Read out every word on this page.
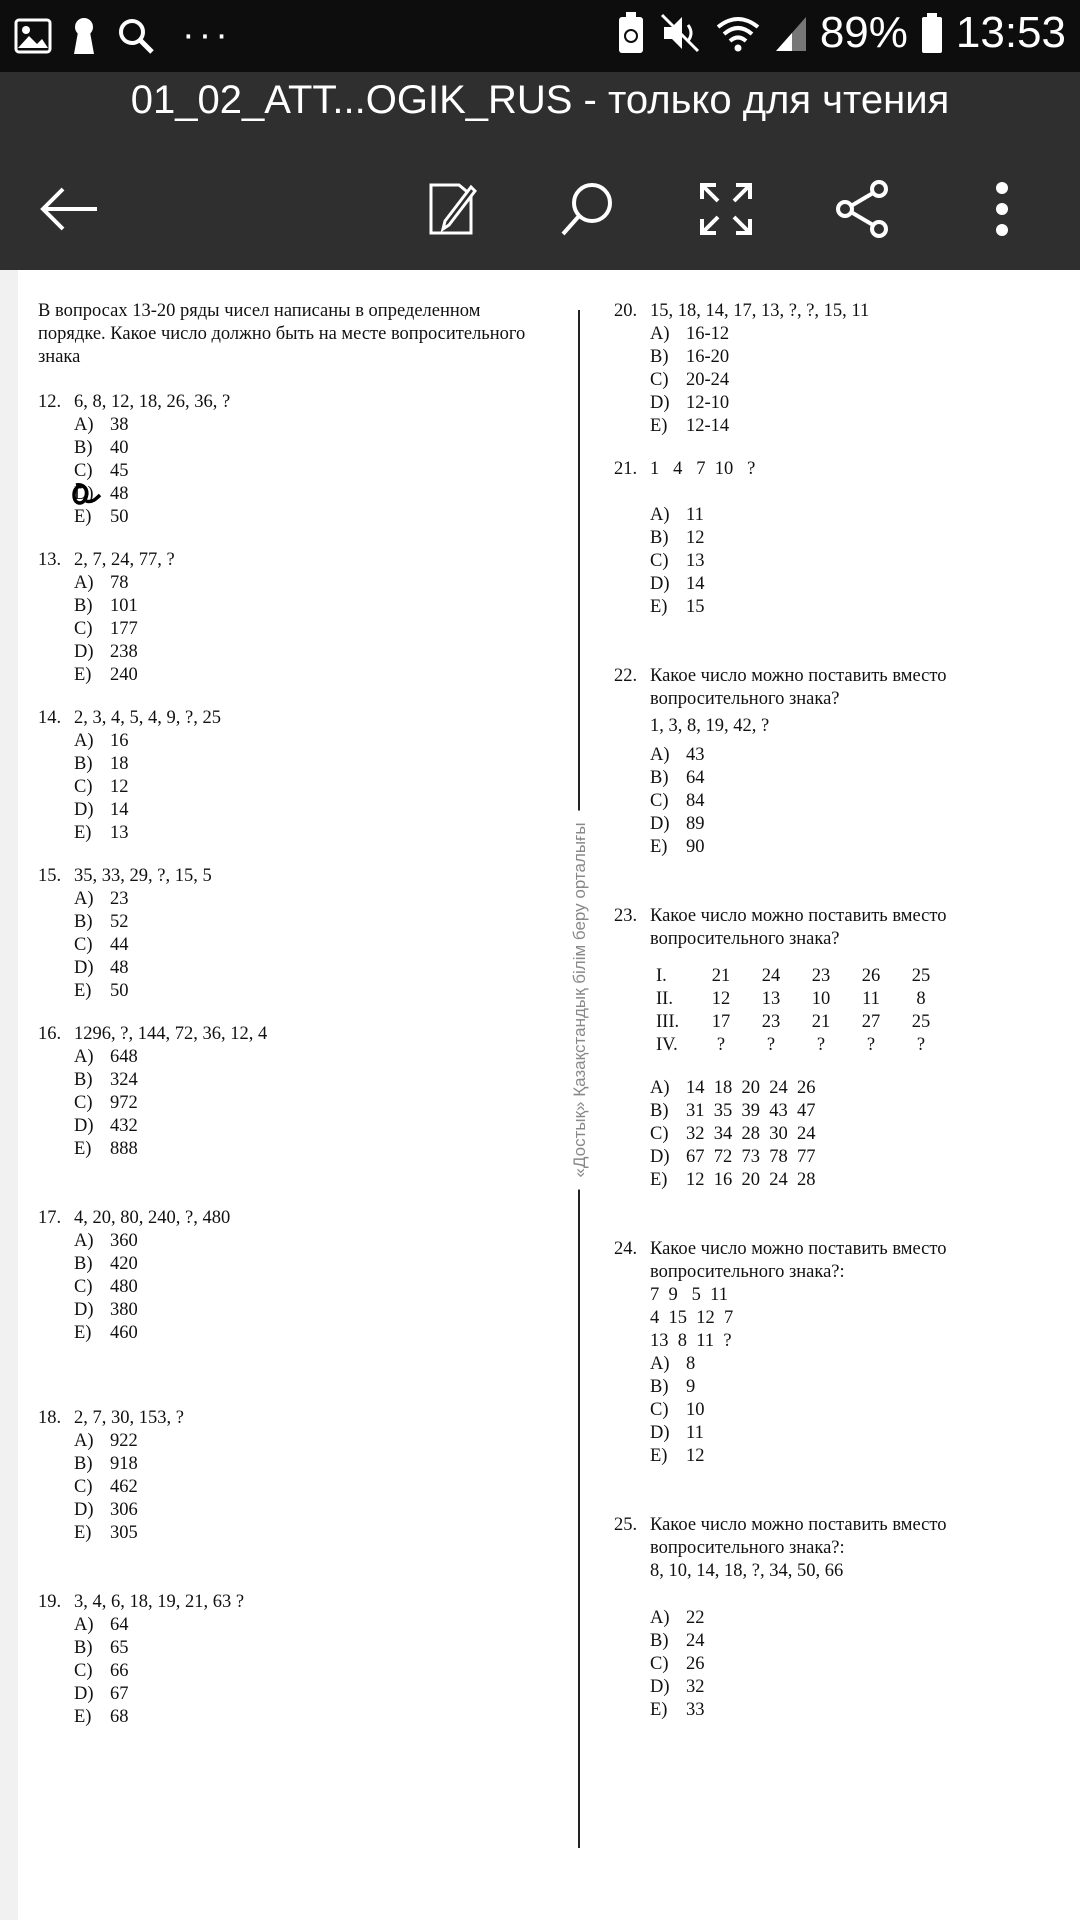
···	89% 13:53
01_02_ATT...OGIK_RUS - только для чтения
«Достық» Қазақстандық білім беру орталығы
В вопросах 13-20 ряды чисел написаны в определенном порядке. Какое число должно быть на месте вопросительного знака
12. 6, 8, 12, 18, 26, 36, ?
A) 38
B) 40
C) 45
D) 48
E)	50
13. 2, 7, 24, 77, ?
A) 78
B) 101
C) 177
D) 238
E)	240
14. 2, 3, 4, 5, 4, 9, ?, 25
A) 16
B) 18
C) 12
D) 14
E)	13
15. 35, 33, 29, ?, 15, 5
A) 23
B) 52
C) 44
D) 48
E)	50
16. 1296, ?, 144, 72, 36, 12, 4
A) 648
B) 324
C) 972
D) 432
E)	888
17. 4, 20, 80, 240, ?, 480
A) 360
B) 420
C) 480
D) 380
E)	460
18. 2, 7, 30, 153, ?
A) 922
B) 918
C) 462
D) 306
E)	305
19. 3, 4, 6, 18, 19, 21, 63 ?
A) 64
B) 65
C) 66
D) 67
E)	68
20. 15, 18, 14, 17, 13, ?, ?, 15, 11
A) 16-12
B) 16-20
C) 20-24
D) 12-10
E)	12-14
21. 1   4   7  10   ?
A) 11
B) 12
C) 13
D) 14
E)	15
22. Какое число можно поставить вместо вопросительного знака?
1, 3, 8, 19, 42, ?
A) 43
B) 64
C) 84
D) 89
E)	90
23. Какое число можно поставить вместо вопросительного знака?
I.	21	24	23	26	25
II.	12	13	10	11	8
III.	17	23	21	27	25
IV.	?	?	?	?	?
A) 14  18  20  24  26
B) 31  35  39  43  47
C) 32  34  28  30  24
D) 67  72  73  78  77
E)	12  16  20  24  28
24. Какое число можно поставить вместо вопросительного знака?:
7  9   5  11
4  15  12  7
13  8  11  ?
A) 8
B) 9
C) 10
D) 11
E)	12
25. Какое число можно поставить вместо вопросительного знака?:
8, 10, 14, 18, ?, 34, 50, 66
A) 22
B) 24
C) 26
D) 32
E)	33
